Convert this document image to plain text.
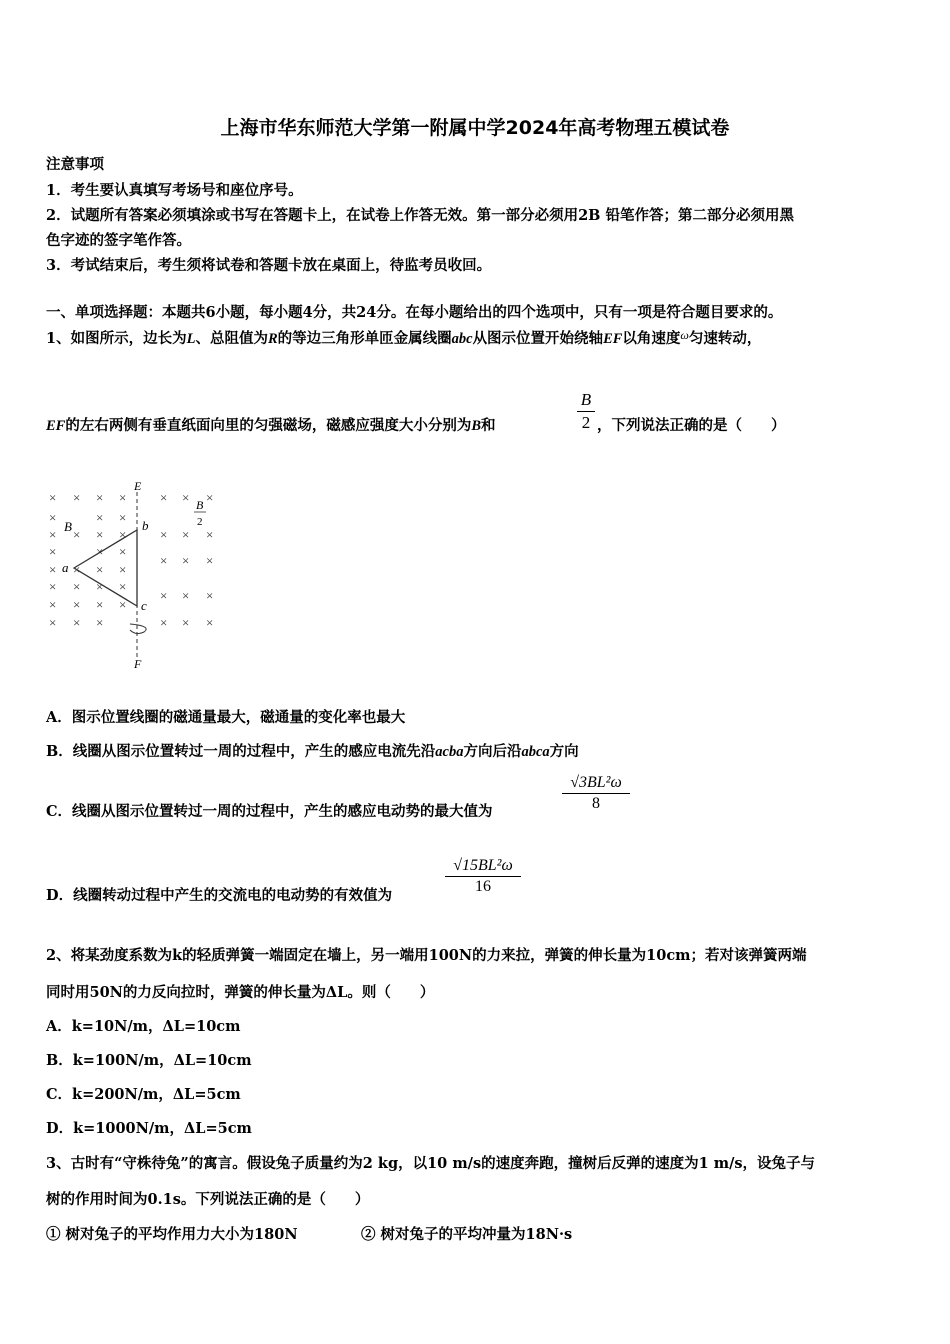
上海市华东师范大学第一附属中学2024年高考物理五模试卷
注意事项
1．考生要认真填写考场号和座位序号。
2．试题所有答案必须填涂或书写在答题卡上，在试卷上作答无效。第一部分必须用2B 铅笔作答；第二部分必须用黑
色字迹的签字笔作答。
3．考试结束后，考生须将试卷和答题卡放在桌面上，待监考员收回。
一、单项选择题：本题共6小题，每小题4分，共24分。在每小题给出的四个选项中，只有一项是符合题目要求的。
1、如图所示，边长为L、总阻值为R的等边三角形单匝金属线圈abc从图示位置开始绕轴EF以角速度$^\omega$匀速转动，
EF的左右两侧有垂直纸面向里的匀强磁场，磁感应强度大小分别为B和
B
2 ，下列说法正确的是（　　）
× × × ×
×	× ×
× × × ×
×	× ×
× × × ×
× × × ×
× × × ×
× × ×
× × ×
× × ×
× × ×
× × ×
× × ×
E
F
B
B
2
a
b
c
A．图示位置线圈的磁通量最大，磁通量的变化率也最大
B．线圈从图示位置转过一周的过程中，产生的感应电流先沿acba方向后沿abca方向
C．线圈从图示位置转过一周的过程中，产生的感应电动势的最大值为
√3BL²ω
8
D．线圈转动过程中产生的交流电的电动势的有效值为
√15BL²ω
16
2、将某劲度系数为k的轻质弹簧一端固定在墙上，另一端用100N的力来拉，弹簧的伸长量为10cm；若对该弹簧两端
同时用50N的力反向拉时，弹簧的伸长量为ΔL。则（　　）
A．k=10N/m，ΔL=10cm
B．k=100N/m，ΔL=10cm
C．k=200N/m，ΔL=5cm
D．k=1000N/m，ΔL=5cm
3、古时有“守株待兔”的寓言。假设兔子质量约为2 kg，以10 m/s的速度奔跑，撞树后反弹的速度为1 m/s，设兔子与
树的作用时间为0.1s。下列说法正确的是（　　）
① 树对兔子的平均作用力大小为180N	② 树对兔子的平均冲量为18N·s
